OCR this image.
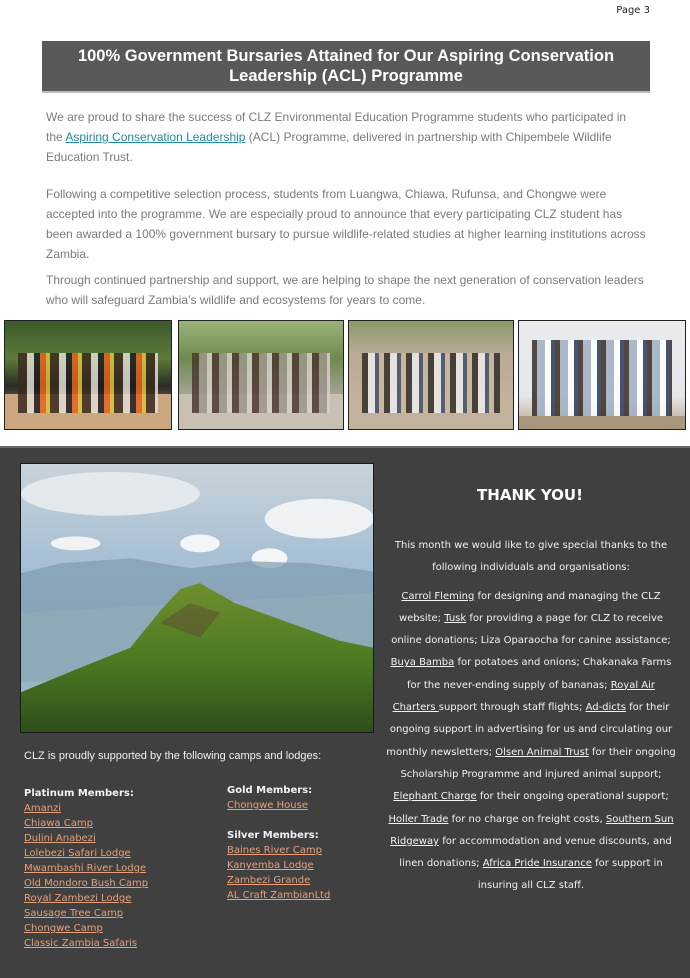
Page 3
100% Government Bursaries Attained for Our Aspiring Conservation Leadership (ACL) Programme

We are proud to share the success of CLZ Environmental Education Programme students who participated in the Aspiring Conservation Leadership (ACL) Programme, delivered in partnership with Chipembele Wildlife Education Trust.

Following a competitive selection process, students from Luangwa, Chiawa, Rufunsa, and Chongwe were accepted into the programme. We are especially proud to announce that every participating CLZ student has been awarded a 100% government bursary to pursue wildlife-related studies at higher learning institutions across Zambia.

Through continued partnership and support, we are helping to shape the next generation of conservation leaders who will safeguard Zambia’s wildlife and ecosystems for years to come.

CLZ is proudly supported by the following camps and lodges:
Platinum Members:
Amanzi
Chiawa Camp
Dulini Anabezi
Lolebezi Safari Lodge
Mwambashi River Lodge
Old Mondoro Bush Camp
Royal Zambezi Lodge
Sausage Tree Camp
Chongwe Camp
Classic Zambia Safaris
Gold Members:
Chongwe House
Silver Members:
Baines River Camp
Kanyemba Lodge
Zambezi Grande
AL Craft ZambianLtd
THANK YOU!

This month we would like to give special thanks to the following individuals and organisations:

Carrol Fleming for designing and managing the CLZ website; Tusk for providing a page for CLZ to receive online donations; Liza Oparaocha for canine assistance; Buya Bamba for potatoes and onions; Chakanaka Farms for the never-ending supply of bananas; Royal Air Charters support through staff flights; Ad-dicts for their ongoing support in advertising for us and circulating our monthly newsletters; Olsen Animal Trust for their ongoing Scholarship Programme and injured animal support; Elephant Charge for their ongoing operational support; Holler Trade for no charge on freight costs, Southern Sun Ridgeway for accommodation and venue discounts, and linen donations; Africa Pride Insurance for support in insuring all CLZ staff.
